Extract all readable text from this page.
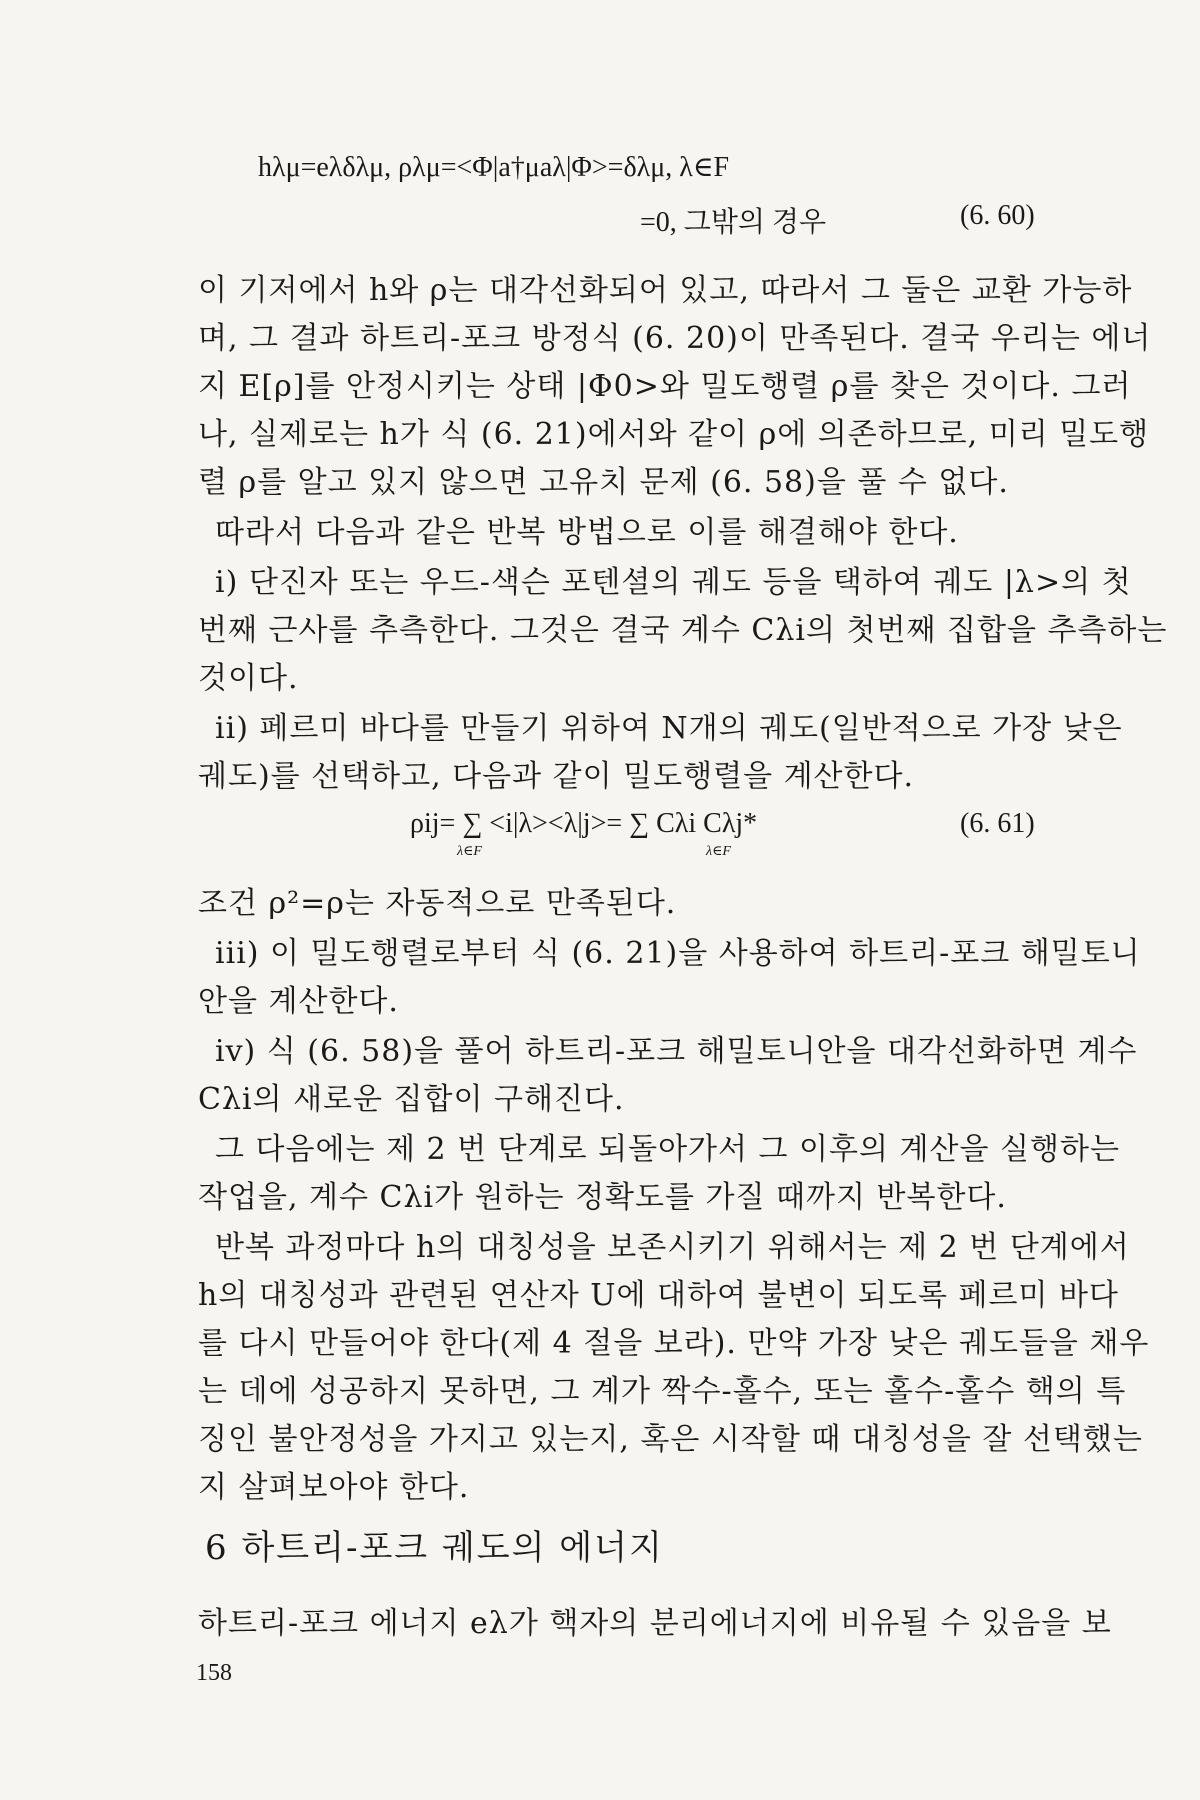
hλμ=eλδλμ, ρλμ=<Φ|a†μaλ|Φ>=δλμ, λ∈F
=0, 그밖의 경우	(6. 60)
이 기저에서 h와 ρ는 대각선화되어 있고, 따라서 그 둘은 교환 가능하
며, 그 결과 하트리-포크 방정식 (6. 20)이 만족된다. 결국 우리는 에너
지 E[ρ]를 안정시키는 상태 |Φ0>와 밀도행렬 ρ를 찾은 것이다. 그러
나, 실제로는 h가 식 (6. 21)에서와 같이 ρ에 의존하므로, 미리 밀도행
렬 ρ를 알고 있지 않으면 고유치 문제 (6. 58)을 풀 수 없다.
따라서 다음과 같은 반복 방법으로 이를 해결해야 한다.
i) 단진자 또는 우드-색슨 포텐셜의 궤도 등을 택하여 궤도 |λ>의 첫
번째 근사를 추측한다. 그것은 결국 계수 Cλi의 첫번째 집합을 추측하는
것이다.
ii) 페르미 바다를 만들기 위하여 N개의 궤도(일반적으로 가장 낮은
궤도)를 선택하고, 다음과 같이 밀도행렬을 계산한다.
ρij= ∑ <i|λ><λ|j>= ∑ Cλi Cλj*
λ∈F	λ∈F
(6. 61)
조건 ρ²=ρ는 자동적으로 만족된다.
iii) 이 밀도행렬로부터 식 (6. 21)을 사용하여 하트리-포크 해밀토니
안을 계산한다.
iv) 식 (6. 58)을 풀어 하트리-포크 해밀토니안을 대각선화하면 계수
Cλi의 새로운 집합이 구해진다.
그 다음에는 제 2 번 단계로 되돌아가서 그 이후의 계산을 실행하는
작업을, 계수 Cλi가 원하는 정확도를 가질 때까지 반복한다.
반복 과정마다 h의 대칭성을 보존시키기 위해서는 제 2 번 단계에서
6 하트리-포크 궤도의 에너지
하트리-포크 에너지 eλ가 핵자의 분리에너지에 비유될 수 있음을 보
158
h의 대칭성과 관련된 연산자 U에 대하여 불변이 되도록 페르미 바다
를 다시 만들어야 한다(제 4 절을 보라). 만약 가장 낮은 궤도들을 채우
는 데에 성공하지 못하면, 그 계가 짝수-홀수, 또는 홀수-홀수 핵의 특
징인 불안정성을 가지고 있는지, 혹은 시작할 때 대칭성을 잘 선택했는
지 살펴보아야 한다.
